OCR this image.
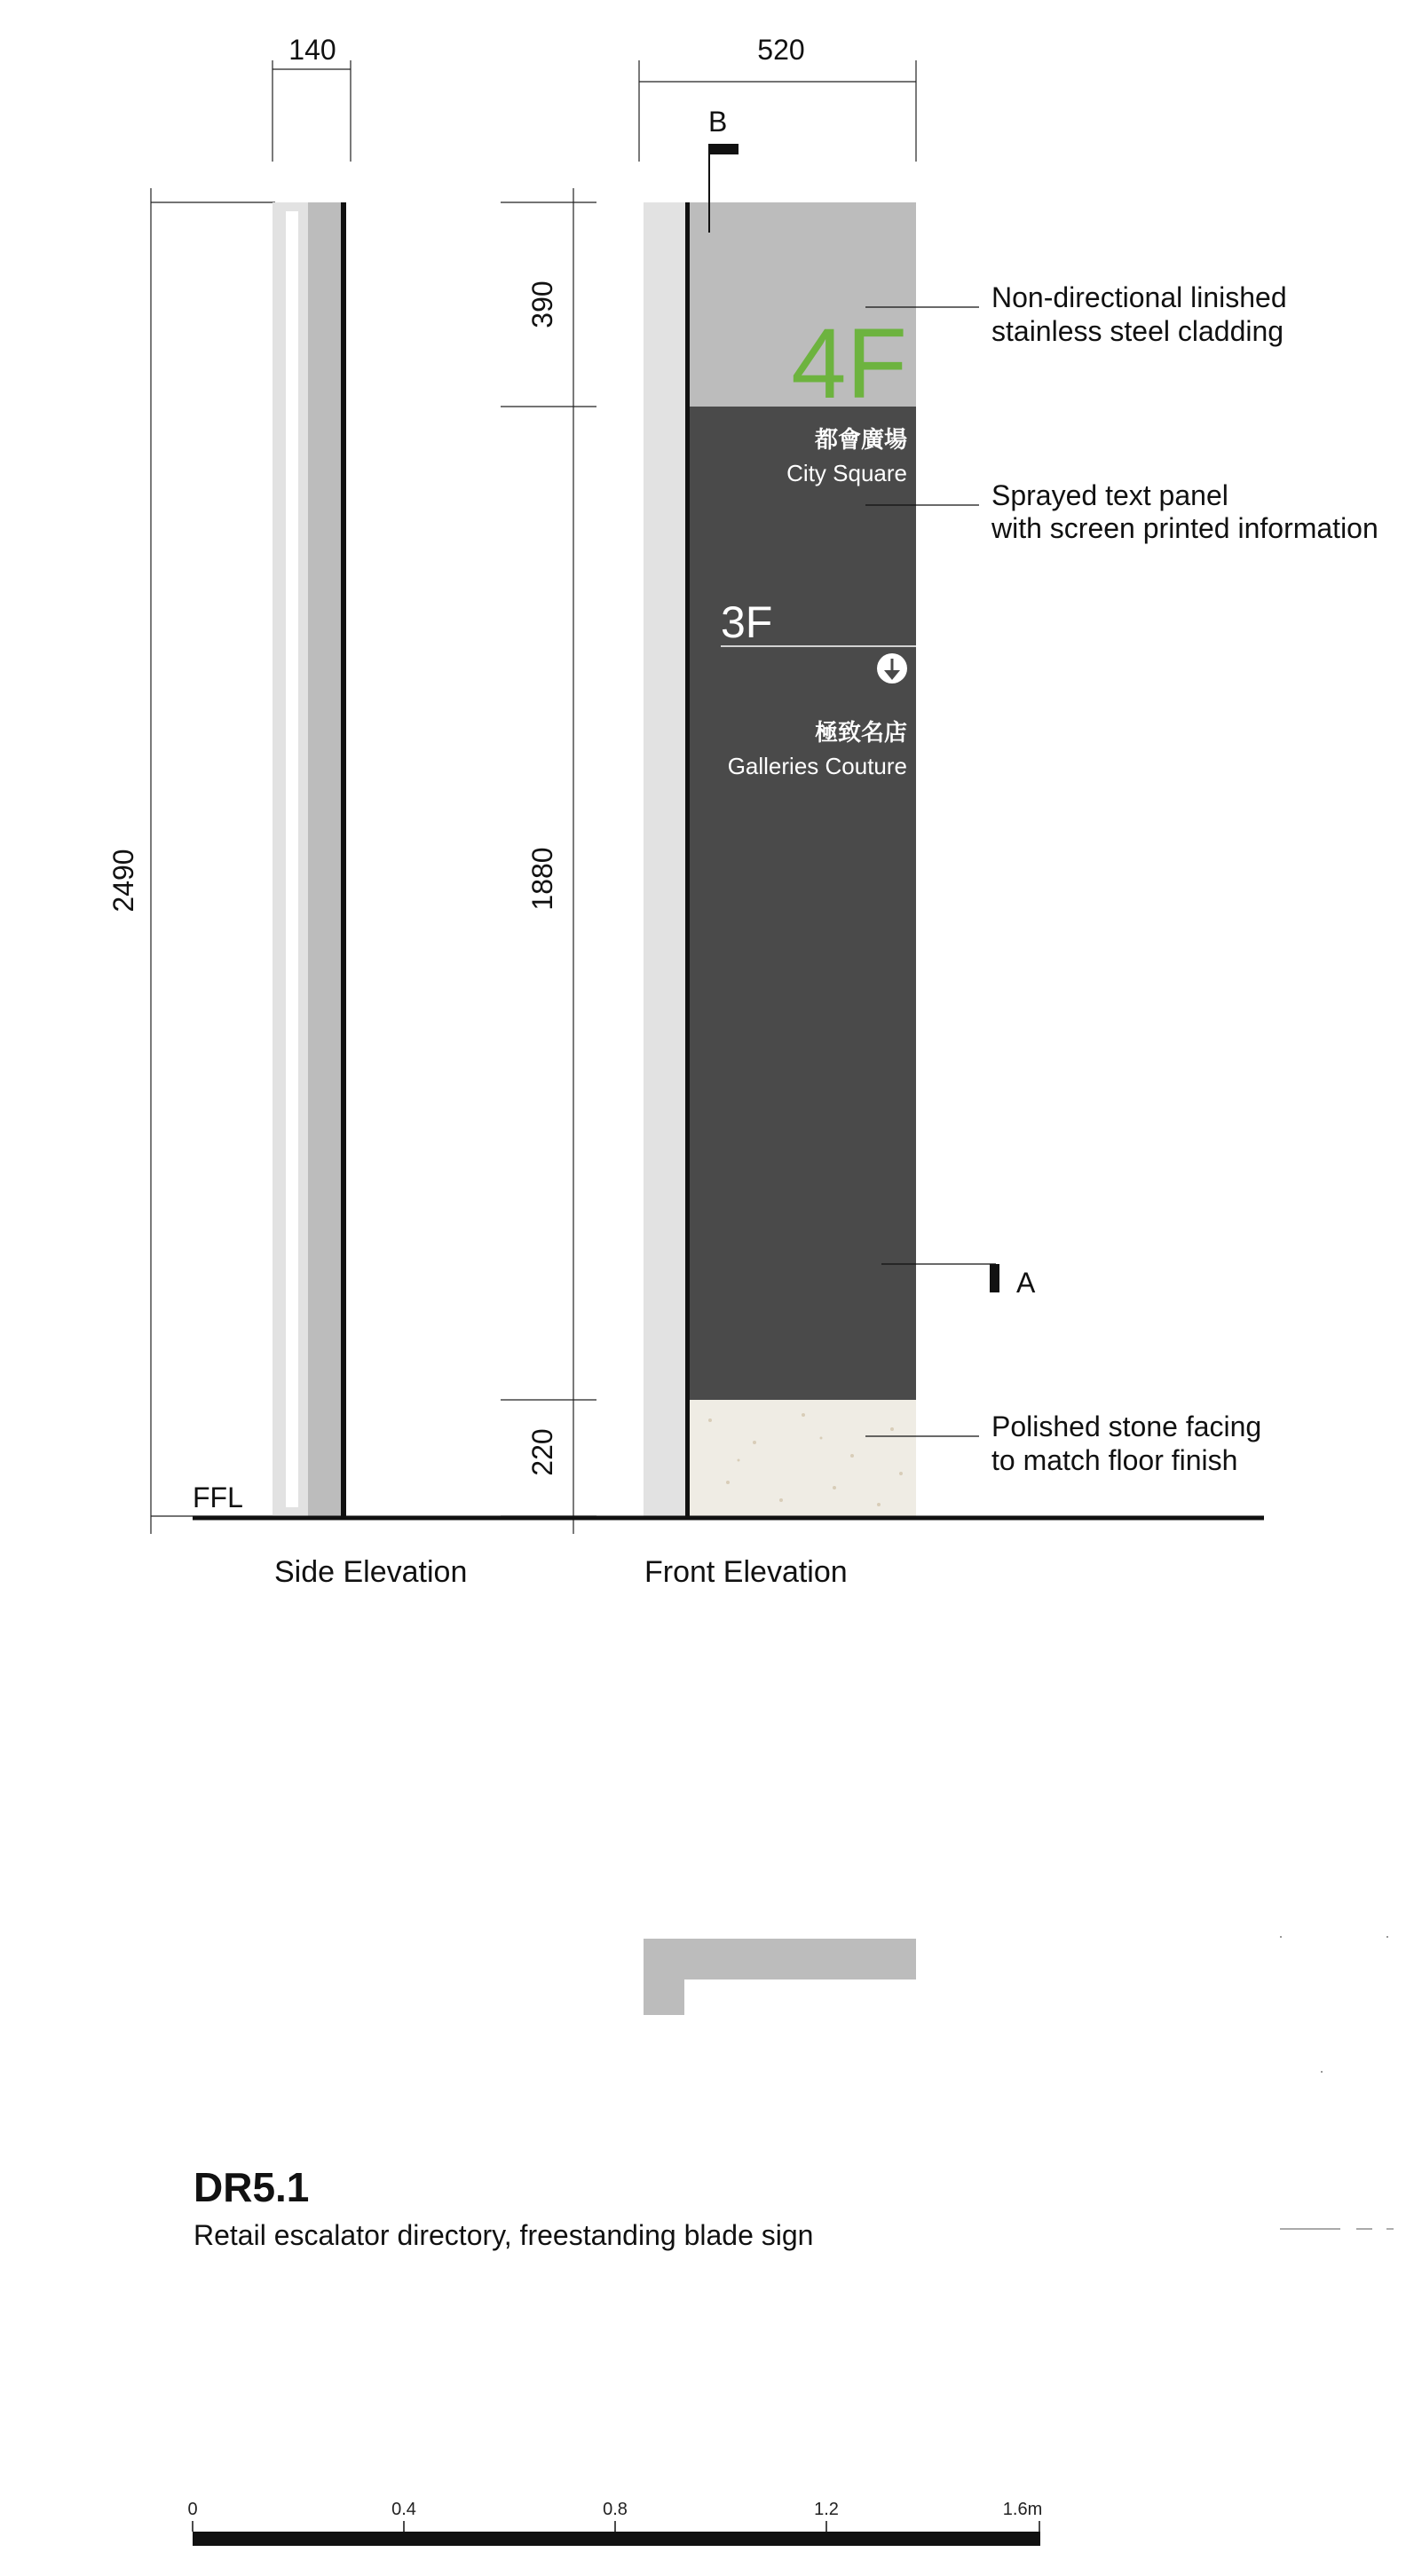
140	520
2490
390
1880
220
B
4F
都會廣場
City Square
3F
極致名店
Galleries Couture
A
Non-directional linished
stainless steel cladding
Sprayed text panel
with screen printed information
Polished stone facing
to match floor finish
FFL
Side Elevation	Front Elevation
DR5.1
Retail escalator directory, freestanding blade sign
0	0.4	0.8	1.2	1.6m
